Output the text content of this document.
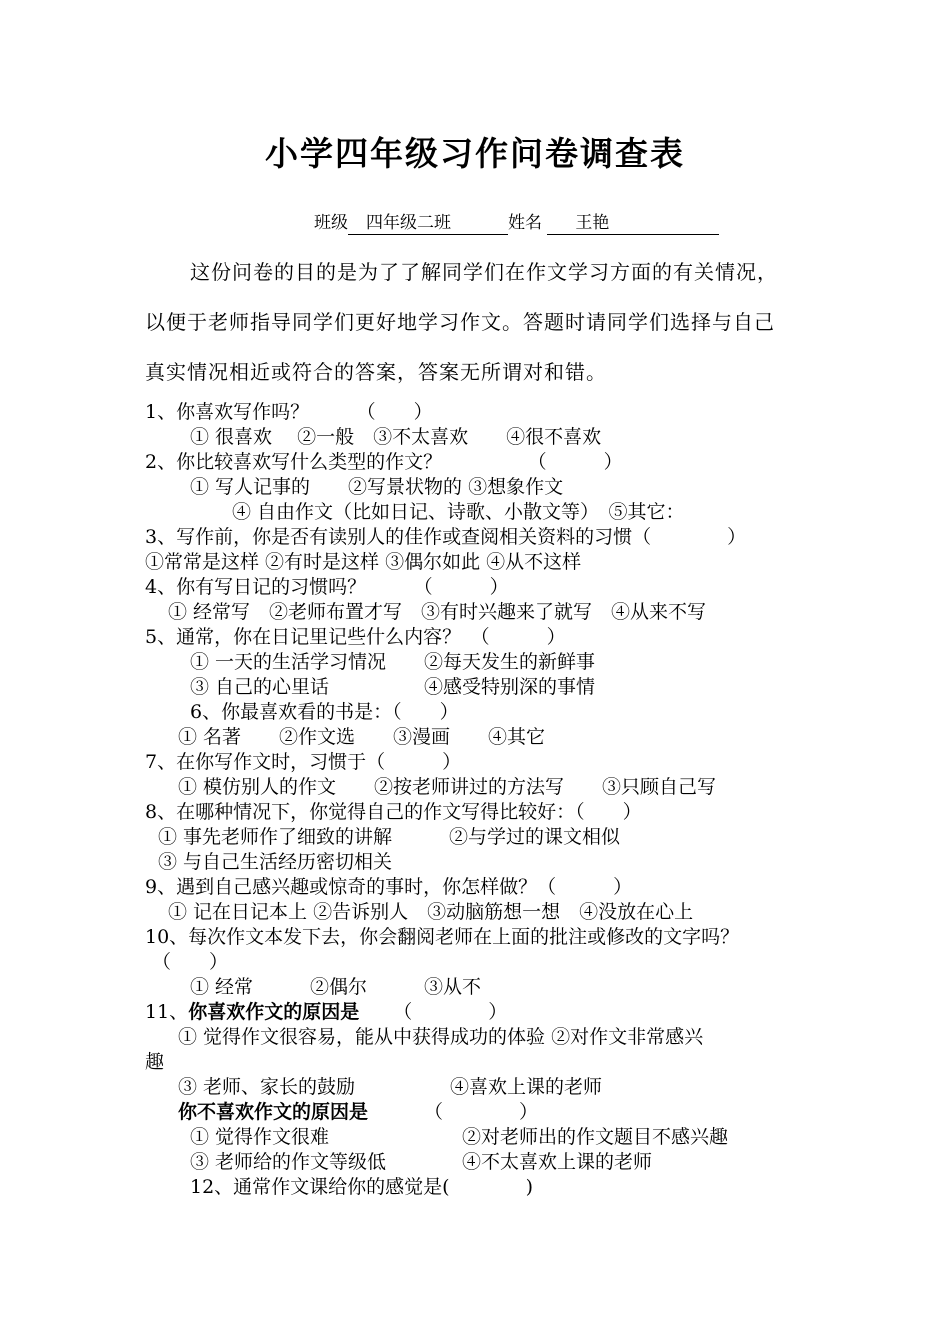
小学四年级习作问卷调查表
班级 四年级二班	姓名 王艳
这份问卷的目的是为了了解同学们在作文学习方面的有关情况，
以便于老师指导同学们更好地学习作文。答题时请同学们选择与自己
真实情况相近或符合的答案，答案无所谓对和错。
1、你喜欢写作吗？　　　（　　）
① 很喜欢　 ②一般　③不太喜欢　　④很不喜欢
2、你比较喜欢写什么类型的作文？　　　　　（　　　）
① 写人记事的　　②写景状物的 ③想象作文
④ 自由作文（比如日记、诗歌、小散文等）　⑤其它：
3、写作前，你是否有读别人的佳作或查阅相关资料的习惯（　　　　）
①常常是这样 ②有时是这样 ③偶尔如此 ④从不这样
4、你有写日记的习惯吗？　　　（　　　）
① 经常写　②老师布置才写　③有时兴趣来了就写　④从来不写
5、通常，你在日记里记些什么内容？　（　　　）
① 一天的生活学习情况　　②每天发生的新鲜事
③ 自己的心里话　　　　　④感受特别深的事情
6、你最喜欢看的书是：（　　）
① 名著　　②作文选　　③漫画　　④其它
7、在你写作文时，习惯于（　　　）
① 模仿别人的作文　　②按老师讲过的方法写　　③只顾自己写
8、在哪种情况下，你觉得自己的作文写得比较好：（　　）
① 事先老师作了细致的讲解　　　②与学过的课文相似
③ 与自己生活经历密切相关
9、遇到自己感兴趣或惊奇的事时，你怎样做？（　　　）
① 记在日记本上 ②告诉别人　③动脑筋想一想　④没放在心上
10、每次作文本发下去，你会翻阅老师在上面的批注或修改的文字吗？
（　　）
① 经常　　　②偶尔　　　③从不
11、你喜欢作文的原因是 （　　　　）
① 觉得作文很容易，能从中获得成功的体验 ②对作文非常感兴
趣
③ 老师、家长的鼓励　　　　　④喜欢上课的老师
你不喜欢作文的原因是	（　　　　）
① 觉得作文很难　　　　　　　②对老师出的作文题目不感兴趣
③ 老师给的作文等级低　　　　④不太喜欢上课的老师
12、通常作文课给你的感觉是(　　　　)
